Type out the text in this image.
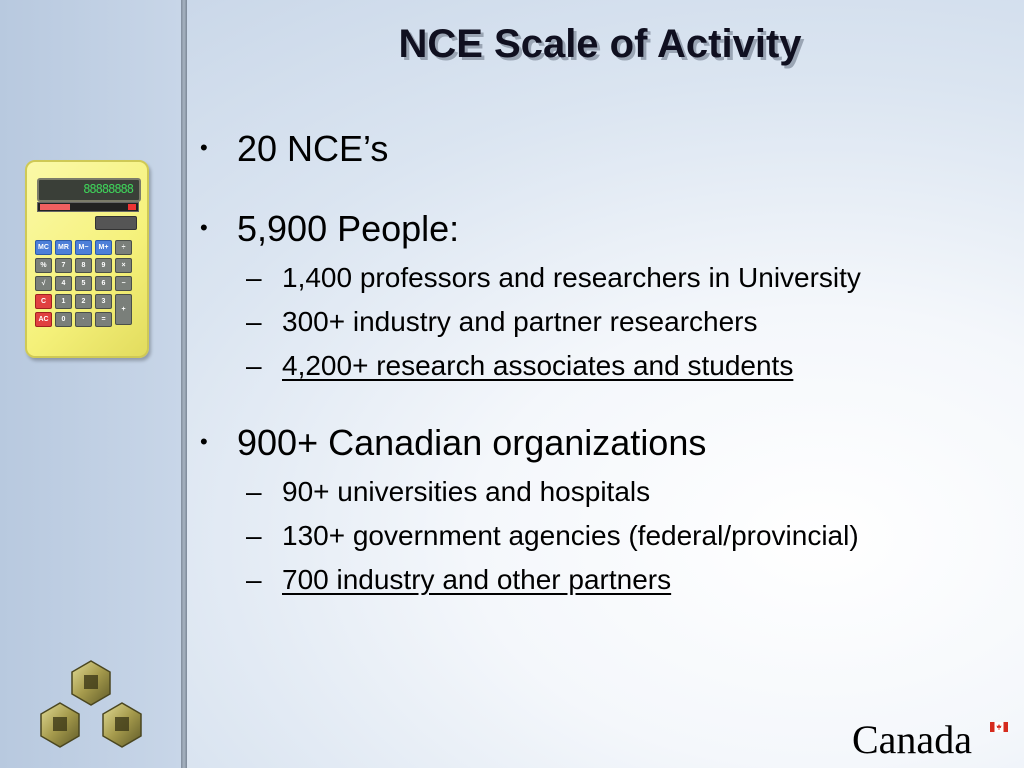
NCE Scale of Activity
• 20 NCE’s
• 5,900 People:
– 1,400 professors and researchers in University
– 300+ industry and partner researchers
– 4,200+ research associates and students
• 900+ Canadian organizations
– 90+ universities and hospitals
– 130+ government agencies (federal/provincial)
– 700 industry and other partners
88888888
MC	MR	M−	M+	÷
%	7	8	9	×
√	4	5	6	−
C	1	2	3
+
AC	0	·	=
Canada
